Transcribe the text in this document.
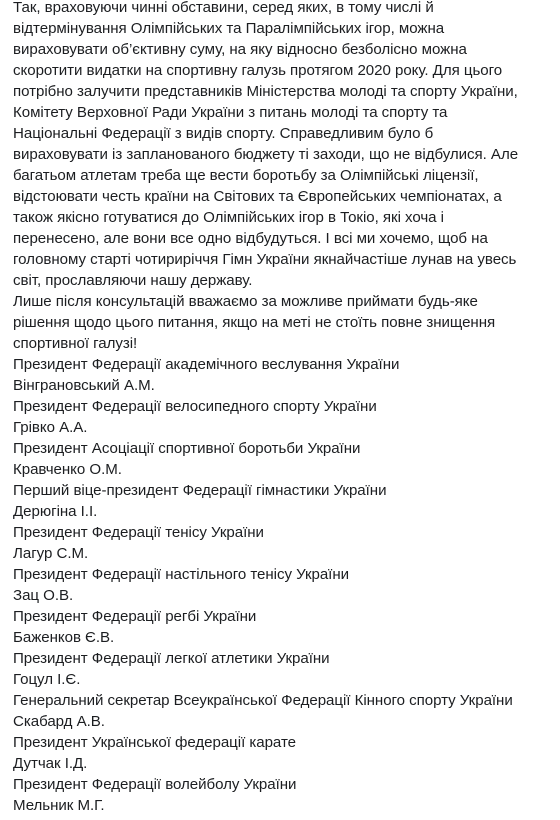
Так, враховуючи чинні обставини, серед яких, в тому числі й
відтермінування Олімпійських та Паралімпійських ігор, можна
вираховувати об’єктивну суму, на яку відносно безболісно можна
скоротити видатки на спортивну галузь протягом 2020 року. Для цього
потрібно залучити представників Міністерства молоді та спорту України,
Комітету Верховної Ради України з питань молоді та спорту та
Національні Федерації з видів спорту. Справедливим було б
вираховувати із запланованого бюджету ті заходи, що не відбулися. Але
багатьом атлетам треба ще вести боротьбу за Олімпійські ліцензії,
відстоювати честь країни на Світових та Європейських чемпіонатах, а
також якісно готуватися до Олімпійських ігор в Токіо, які хоча і
перенесено, але вони все одно відбудуться. І всі ми хочемо, щоб на
головному старті чотириріччя Гімн України якнайчастіше лунав на увесь
світ, прославляючи нашу державу.
Лише після консультацій вважаємо за можливе приймати будь-яке
рішення щодо цього питання, якщо на меті не стоїть повне знищення
спортивної галузі!
Президент Федерації академічного веслування України
Вінграновський А.М.
Президент Федерації велосипедного спорту України
Грівко А.А.
Президент Асоціації спортивної боротьби України
Кравченко О.М.
Перший віце-президент Федерації гімнастики України
Дерюгіна І.І.
Президент Федерації тенісу України
Лагур С.М.
Президент Федерації настільного тенісу України
Зац О.В.
Президент Федерації регбі України
Баженков Є.В.
Президент Федерації легкої атлетики України
Гоцул І.Є.
Генеральний секретар Всеукраїнської Федерації Кінного спорту України
Скабард А.В.
Президент Української федерації карате
Дутчак І.Д.
Президент Федерації волейболу України
Мельник М.Г.
